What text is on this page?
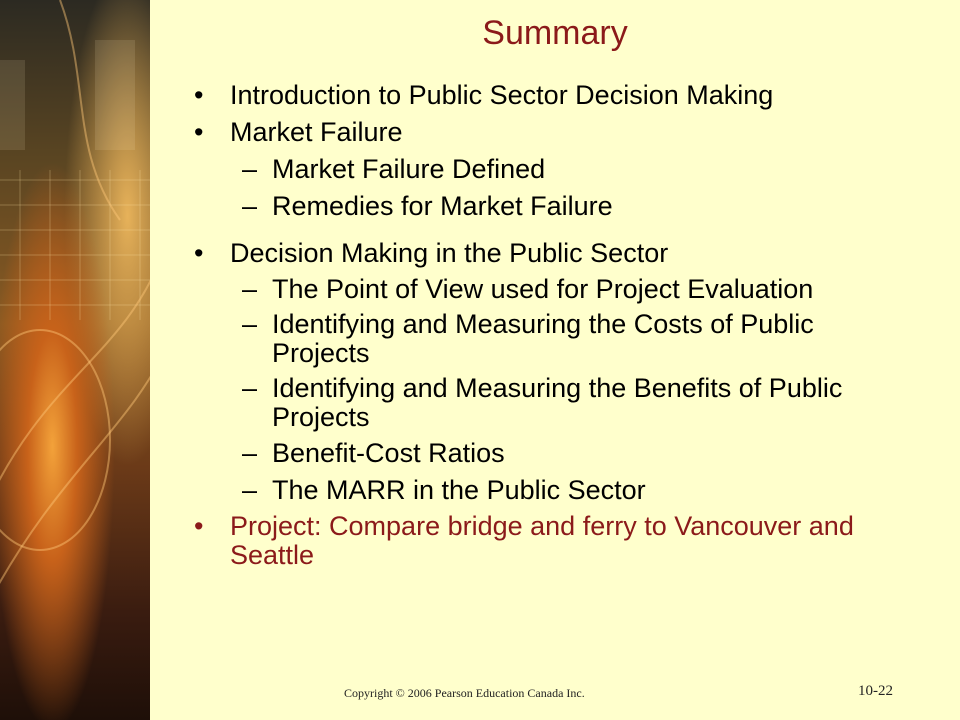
Summary
• Introduction to Public Sector Decision Making
• Market Failure
– Market Failure Defined
– Remedies for Market Failure
• Decision Making in the Public Sector
– The Point of View used for Project Evaluation
– Identifying and Measuring the Costs of Public Projects
– Identifying and Measuring the Benefits of Public Projects
– Benefit-Cost Ratios
– The MARR in the Public Sector
• Project: Compare bridge and ferry to Vancouver and Seattle
Copyright © 2006 Pearson Education Canada Inc.	10-22
